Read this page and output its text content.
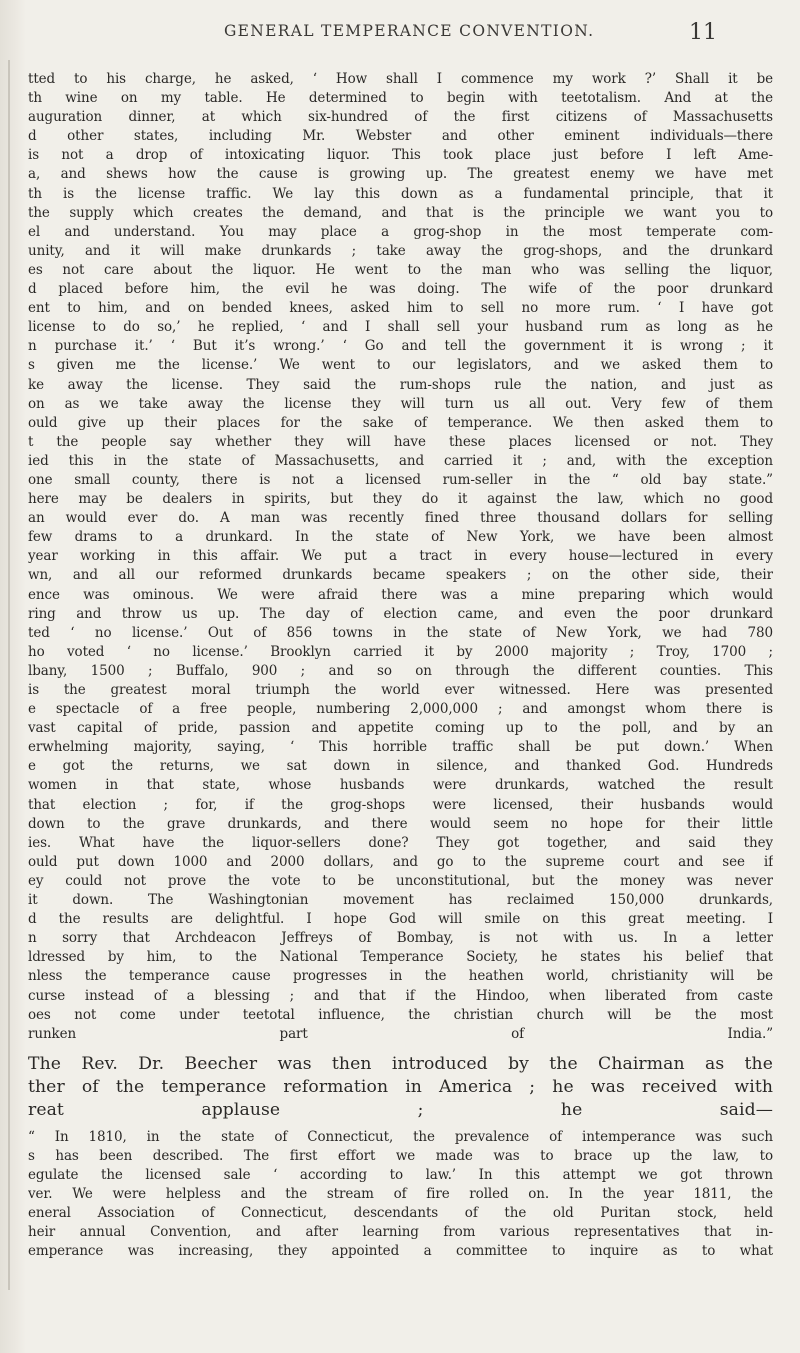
GENERAL TEMPERANCE CONVENTION.	11
tted to his charge, he asked, ‘ How shall I commence my work ?’ Shall it be
th wine on my table. He determined to begin with teetotalism. And at the
auguration dinner, at which six-hundred of the first citizens of Massachusetts
d other states, including Mr. Webster and other eminent individuals—there
is not a drop of intoxicating liquor. This took place just before I left Ame-
a, and shews how the cause is growing up. The greatest enemy we have met
th is the license traffic. We lay this down as a fundamental principle, that it
the supply which creates the demand, and that is the principle we want you to
el and understand. You may place a grog-shop in the most temperate com-
unity, and it will make drunkards ; take away the grog-shops, and the drunkard
es not care about the liquor. He went to the man who was selling the liquor,
d placed before him, the evil he was doing. The wife of the poor drunkard
ent to him, and on bended knees, asked him to sell no more rum. ‘ I have got
license to do so,’ he replied, ‘ and I shall sell your husband rum as long as he
n purchase it.’ ‘ But it’s wrong.’ ‘ Go and tell the government it is wrong ; it
s given me the license.’ We went to our legislators, and we asked them to
ke away the license. They said the rum-shops rule the nation, and just as
on as we take away the license they will turn us all out. Very few of them
ould give up their places for the sake of temperance. We then asked them to
t the people say whether they will have these places licensed or not. They
ied this in the state of Massachusetts, and carried it ; and, with the exception
one small county, there is not a licensed rum-seller in the “ old bay state.”
here may be dealers in spirits, but they do it against the law, which no good
an would ever do. A man was recently fined three thousand dollars for selling
few drams to a drunkard. In the state of New York, we have been almost
year working in this affair. We put a tract in every house—lectured in every
wn, and all our reformed drunkards became speakers ; on the other side, their
ence was ominous. We were afraid there was a mine preparing which would
ring and throw us up. The day of election came, and even the poor drunkard
ted ‘ no license.’ Out of 856 towns in the state of New York, we had 780
ho voted ‘ no license.’ Brooklyn carried it by 2000 majority ; Troy, 1700 ;
lbany, 1500 ; Buffalo, 900 ; and so on through the different counties. This
is the greatest moral triumph the world ever witnessed. Here was presented
e spectacle of a free people, numbering 2,000,000 ; and amongst whom there is
vast capital of pride, passion and appetite coming up to the poll, and by an
erwhelming majority, saying, ‘ This horrible traffic shall be put down.’ When
e got the returns, we sat down in silence, and thanked God. Hundreds
women in that state, whose husbands were drunkards, watched the result
that election ; for, if the grog-shops were licensed, their husbands would
down to the grave drunkards, and there would seem no hope for their little
ies. What have the liquor-sellers done? They got together, and said they
ould put down 1000 and 2000 dollars, and go to the supreme court and see if
ey could not prove the vote to be unconstitutional, but the money was never
it down. The Washingtonian movement has reclaimed 150,000 drunkards,
d the results are delightful. I hope God will smile on this great meeting. I
n sorry that Archdeacon Jeffreys of Bombay, is not with us. In a letter
ldressed by him, to the National Temperance Society, he states his belief that
nless the temperance cause progresses in the heathen world, christianity will be
curse instead of a blessing ; and that if the Hindoo, when liberated from caste
oes not come under teetotal influence, the christian church will be the most
runken part of India.”
The Rev. Dr. Beecher was then introduced by the Chairman as the
ther of the temperance reformation in America ; he was received with
reat applause ; he said—
“ In 1810, in the state of Connecticut, the prevalence of intemperance was such
s has been described. The first effort we made was to brace up the law, to
egulate the licensed sale ‘ according to law.’ In this attempt we got thrown
ver. We were helpless and the stream of fire rolled on. In the year 1811, the
eneral Association of Connecticut, descendants of the old Puritan stock, held
heir annual Convention, and after learning from various representatives that in-
emperance was increasing, they appointed a committee to inquire as to what
